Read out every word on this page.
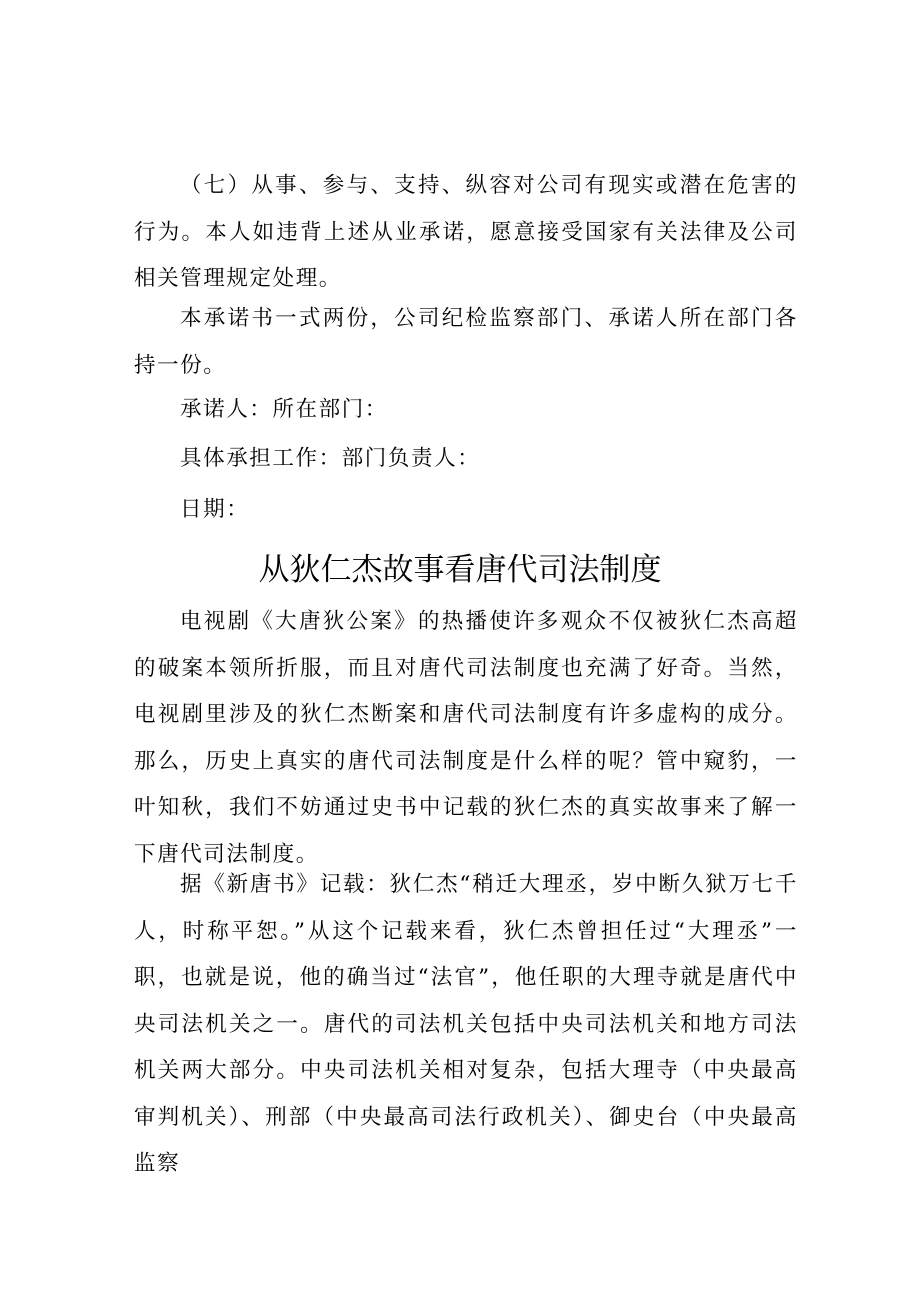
（七）从事、参与、支持、纵容对公司有现实或潜在危害的行为。本人如违背上述从业承诺，愿意接受国家有关法律及公司相关管理规定处理。

本承诺书一式两份，公司纪检监察部门、承诺人所在部门各持一份。

承诺人：所在部门：

具体承担工作：部门负责人：

日期：

从狄仁杰故事看唐代司法制度

电视剧《大唐狄公案》的热播使许多观众不仅被狄仁杰高超的破案本领所折服，而且对唐代司法制度也充满了好奇。当然，电视剧里涉及的狄仁杰断案和唐代司法制度有许多虚构的成分。那么，历史上真实的唐代司法制度是什么样的呢？管中窥豹，一叶知秋，我们不妨通过史书中记载的狄仁杰的真实故事来了解一下唐代司法制度。

据《新唐书》记载：狄仁杰“稍迁大理丞，岁中断久狱万七千人，时称平恕。”从这个记载来看，狄仁杰曾担任过“大理丞”一职，也就是说，他的确当过“法官”，他任职的大理寺就是唐代中央司法机关之一。唐代的司法机关包括中央司法机关和地方司法机关两大部分。中央司法机关相对复杂，包括大理寺（中央最高审判机关）、刑部（中央最高司法行政机关）、御史台（中央最高监察
